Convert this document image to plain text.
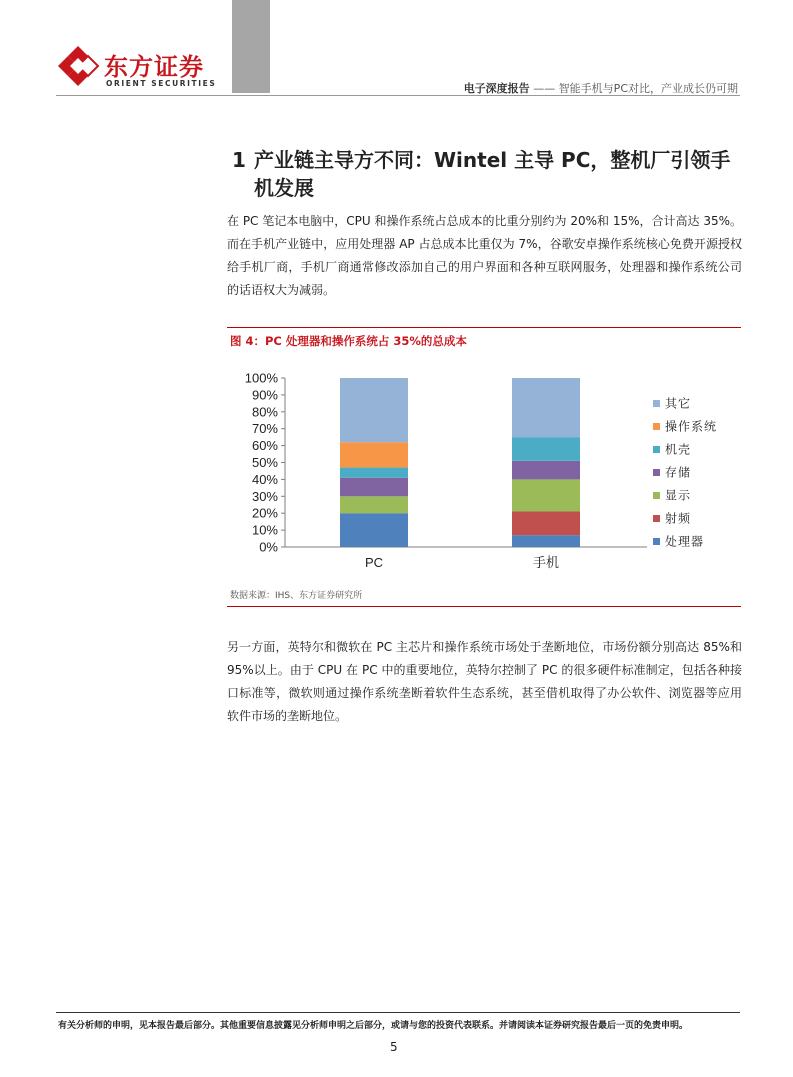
东方证券
ORIENT SECURITIES	电子深度报告 —— 智能手机与PC对比，产业成长仍可期
1 产业链主导方不同：Wintel 主导 PC，整机厂引领手机发展
在 PC 笔记本电脑中，CPU 和操作系统占总成本的比重分别约为 20%和 15%，合计高达 35%。而在手机产业链中，应用处理器 AP 占总成本比重仅为 7%，谷歌安卓操作系统核心免费开源授权给手机厂商，手机厂商通常修改添加自己的用户界面和各种互联网服务，处理器和操作系统公司的话语权大为减弱。
图 4：PC 处理器和操作系统占 35%的总成本
0%
10%
20%
30%
40%
50%
60%
70%
80%
90%
100%
PC	手机
其它
操作系统
机壳
存储
显示
射频
处理器
数据来源：IHS、东方证券研究所
另一方面，英特尔和微软在 PC 主芯片和操作系统市场处于垄断地位，市场份额分别高达 85%和 95%以上。由于 CPU 在 PC 中的重要地位，英特尔控制了 PC 的很多硬件标准制定，包括各种接口标准等，微软则通过操作系统垄断着软件生态系统，甚至借机取得了办公软件、浏览器等应用软件市场的垄断地位。
有关分析师的申明，见本报告最后部分。其他重要信息披露见分析师申明之后部分，或请与您的投资代表联系。并请阅读本证券研究报告最后一页的免责申明。
5
